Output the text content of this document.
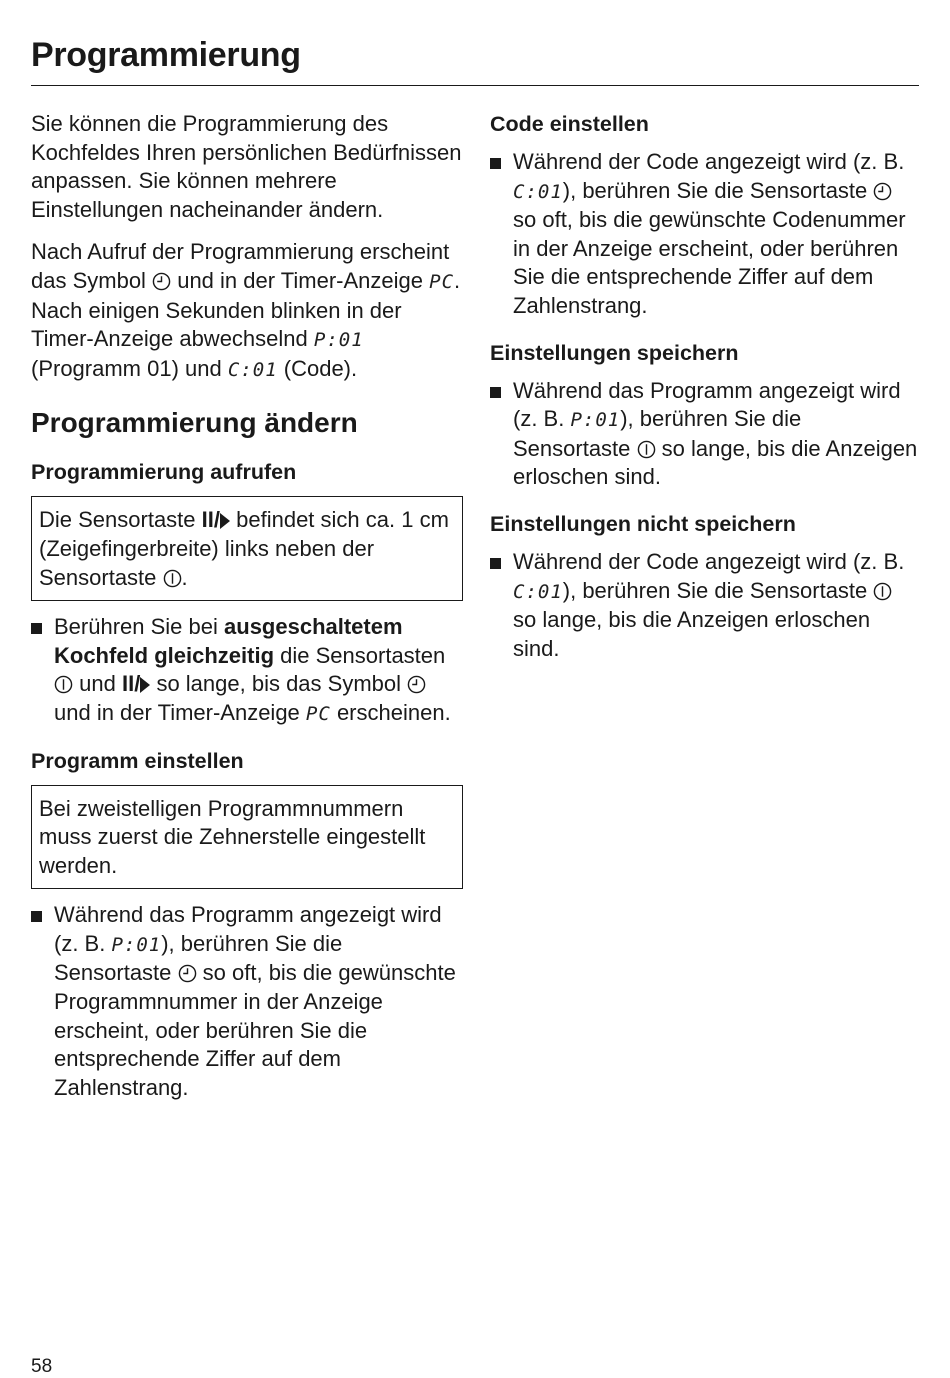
Programmierung

Sie können die Programmierung des Kochfeldes Ihren persönlichen Bedürfnissen anpassen. Sie können mehrere Einstellungen nacheinander ändern.

Nach Aufruf der Programmierung erscheint das Symbol und in der Timer-Anzeige PC. Nach einigen Sekunden blinken in der Timer-Anzeige abwechselnd P:01 (Programm 01) und C:01 (Code).

Programmierung ändern
Programmierung aufrufen
Die Sensortaste II/ befindet sich ca. 1 cm (Zeigefingerbreite) links neben der Sensortaste .
Berühren Sie bei ausgeschaltetem Kochfeld gleichzeitig die Sensortasten  und II/ so lange, bis das Symbol  und in der Timer-Anzeige PC erscheinen.
Programm einstellen
Bei zweistelligen Programmnummern muss zuerst die Zehnerstelle eingestellt werden.
Während das Programm angezeigt wird (z. B. P:01), berühren Sie die Sensortaste so oft, bis die gewünschte Programmnummer in der Anzeige erscheint, oder berühren Sie die entsprechende Ziffer auf dem Zahlenstrang.
Code einstellen
Während der Code angezeigt wird (z. B. C:01), berühren Sie die Sensortaste  so oft, bis die gewünschte Codenummer in der Anzeige erscheint, oder berühren Sie die entsprechende Ziffer auf dem Zahlenstrang.
Einstellungen speichern
Während das Programm angezeigt wird (z. B. P:01), berühren Sie die Sensortaste so lange, bis die Anzeigen erloschen sind.
Einstellungen nicht speichern
Während der Code angezeigt wird (z. B. C:01), berühren Sie die Sensortaste  so lange, bis die Anzeigen erloschen sind.
58
